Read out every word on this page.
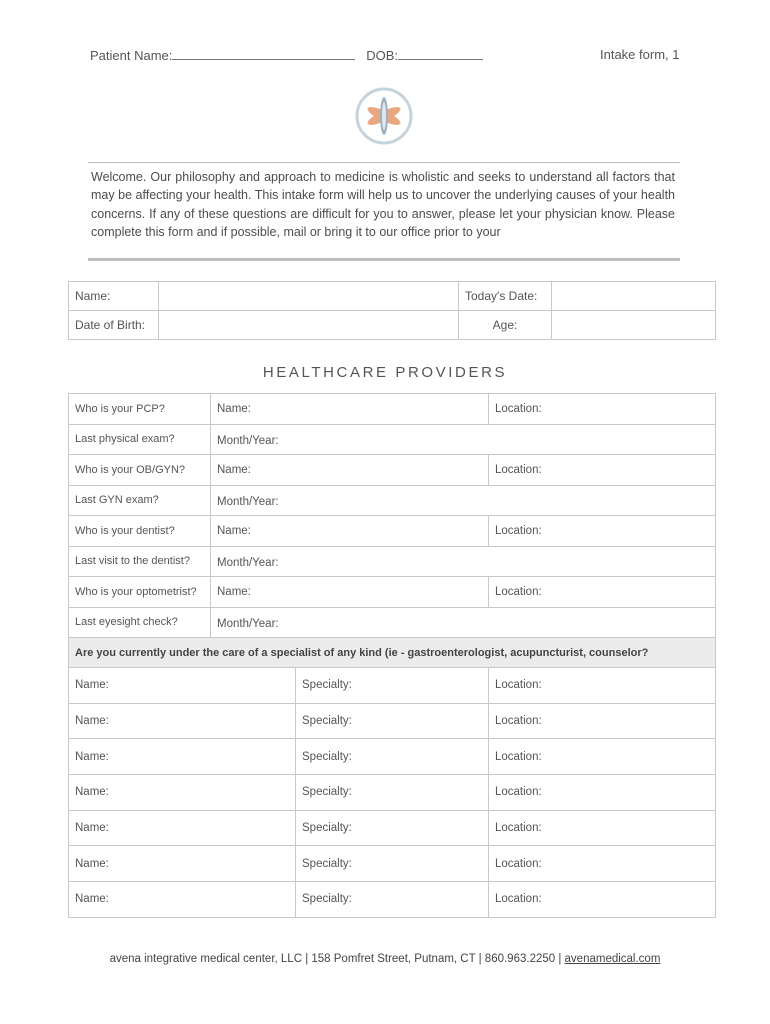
Patient Name:	DOB:	Intake form, 1
Welcome. Our philosophy and approach to medicine is wholistic and seeks to understand all factors that may be affecting your health. This intake form will help us to uncover the underlying causes of your health concerns. If any of these questions are difficult for you to answer, please let your physician know. Please complete this form and if possible, mail or bring it to our office prior to your
Name:		Today's Date:	
Date of Birth:		Age:	
HEALTHCARE PROVIDERS
Who is your PCP?	Name:		Location:
Last physical exam?	Month/Year:		
Who is your OB/GYN?	Name:		Location:
Last GYN exam?	Month/Year:		
Who is your dentist?	Name:		Location:
Last visit to the dentist?	Month/Year:		
Who is your optometrist?	Name:		Location:
Last eyesight check?	Month/Year:		
Are you currently under the care of a specialist of any kind (ie - gastroenterologist, acupuncturist, counselor?			
Name:		Specialty:	Location:
Name:		Specialty:	Location:
Name:		Specialty:	Location:
Name:		Specialty:	Location:
Name:		Specialty:	Location:
Name:		Specialty:	Location:
Name:		Specialty:	Location:
avena integrative medical center, LLC | 158 Pomfret Street, Putnam, CT | 860.963.2250 | avenamedical.com
